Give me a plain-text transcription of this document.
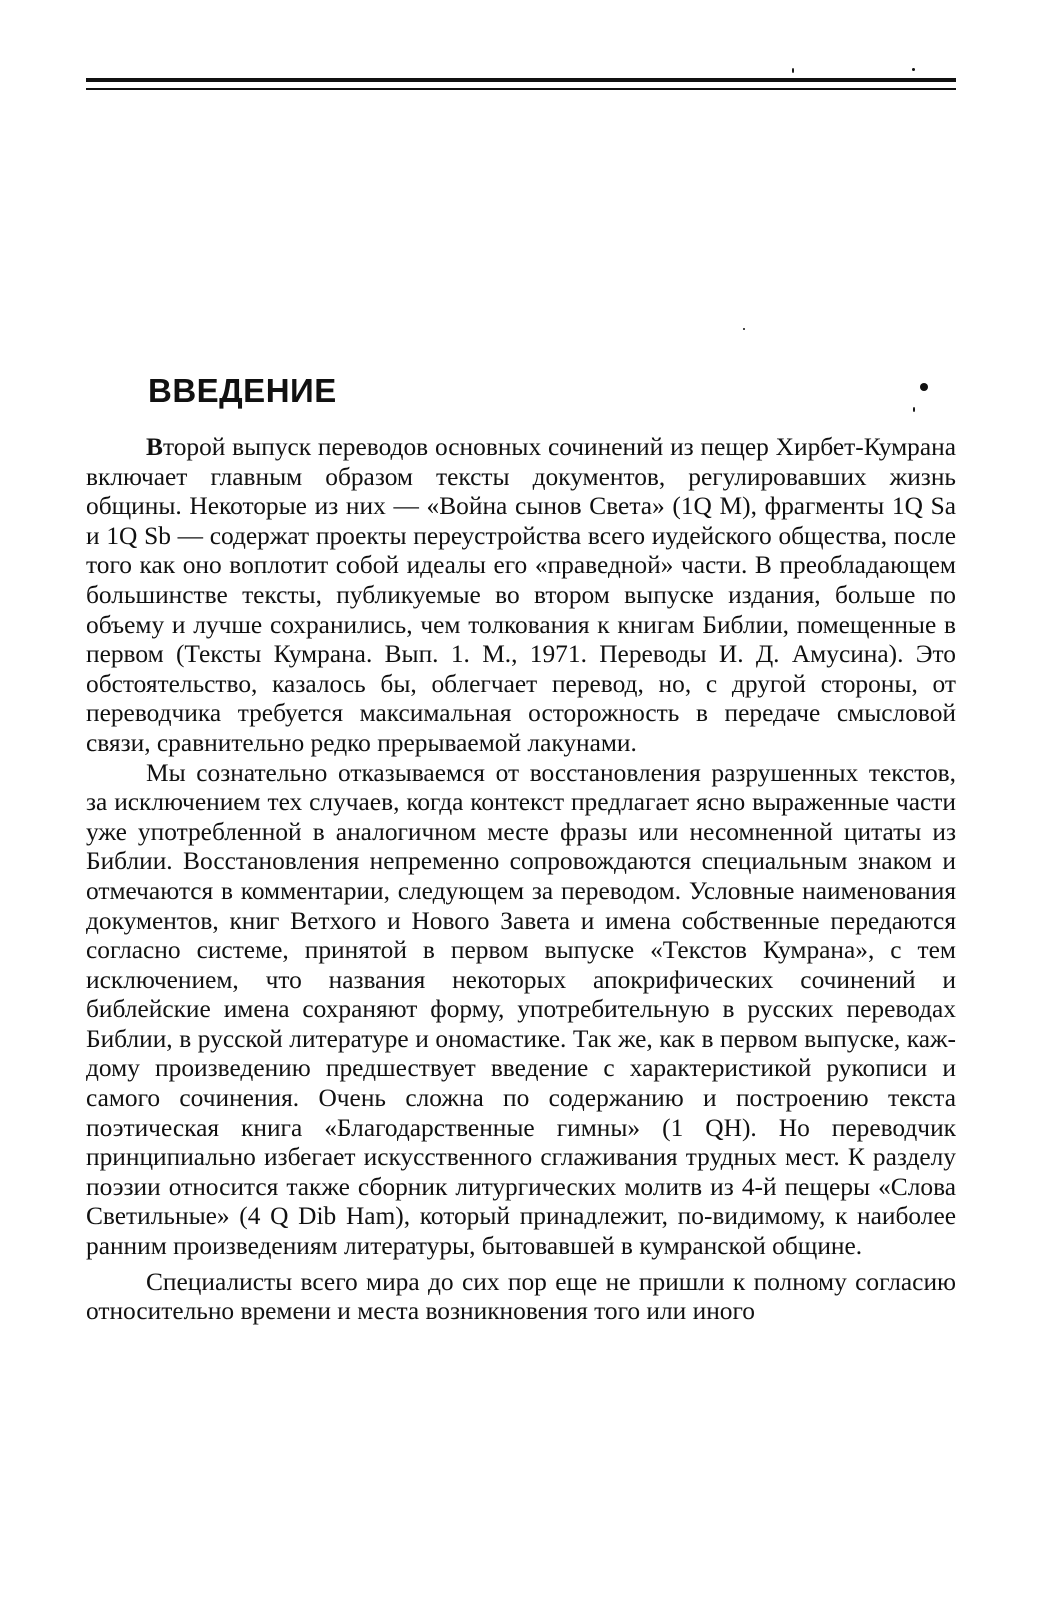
ВВЕДЕНИЕ

Второй выпуск переводов основных сочинений из пещер Хирбет-Кумрана включает главным образом тексты документов, регулировавших жизнь общины. Некоторые из них — «Война сынов Света» (1Q M), фрагменты 1Q Sa и 1Q Sb — содержат проекты переустройства всего иудейского общества, после того как оно воплотит собой идеалы его «праведной» части. В преобладающем большинстве тексты, публикуемые во втором выпуске издания, больше по объему и лучше сохранились, чем толкования к книгам Библии, помещенные в первом (Тексты Кумрана. Вып. 1. М., 1971. Переводы И. Д. Амусина). Это обстоятельство, казалось бы, облегчает перевод, но, с другой стороны, от переводчика требуется максимальная осторожность в передаче смысловой связи, сравнительно редко прерываемой лакунами.

Мы сознательно отказываемся от восстановления разрушенных текстов, за исключением тех случаев, когда контекст предлагает ясно выраженные части уже употребленной в аналогичном месте фразы или несомненной цитаты из Библии. Восстановления непременно сопровождаются специальным знаком и отмечаются в комментарии, следующем за переводом. Условные наименования документов, книг Ветхого и Нового Завета и имена собственные передаются согласно системе, принятой в первом выпуске «Текстов Кумрана», с тем исключением, что названия некоторых апокрифических сочинений и библейские имена сохраняют форму, употребительную в русских переводах Библии, в русской литературе и ономастике. Так же, как в первом выпуске, каждому произведению предшествует введение с характеристикой рукописи и самого сочинения. Очень сложна по содержанию и построению текста поэтическая книга «Благодарственные гимны» (1 QH). Но переводчик принципиально избегает искусственного сглаживания трудных мест. К разделу поэзии относится также сборник литургических молитв из 4-й пещеры «Слова Светильные» (4 Q Dib Ham), который принадлежит, по-видимому, к наиболее ранним произведениям литературы, бытовавшей в кумранской общине.

Специалисты всего мира до сих пор еще не пришли к полному согласию относительно времени и места возникновения того или иного
